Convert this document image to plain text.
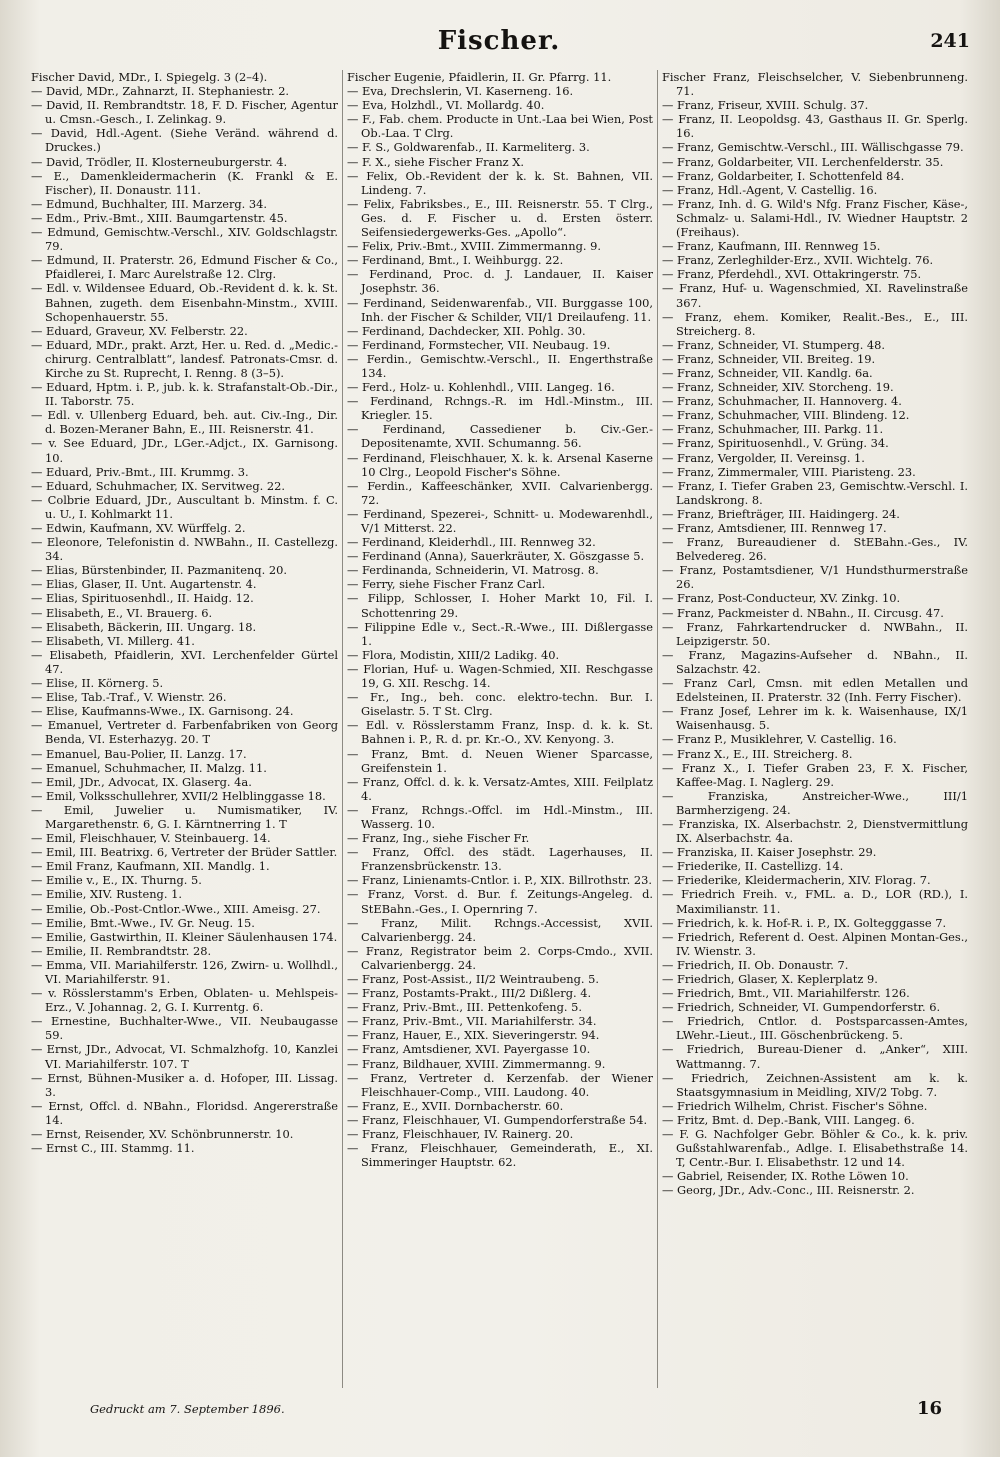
Fischer.	241

Fischer David, MDr., I. Spiegelg. 3 (2–4).

— David, MDr., Zahnarzt, II. Stephaniestr. 2.

— David, II. Rembrandtstr. 18, F. D. Fischer, Agentur u. Cmsn.-Gesch., I. Zelinkag. 9.

— David, Hdl.-Agent. (Siehe Veränd. während d. Druckes.)

— David, Trödler, II. Klosterneuburgerstr. 4.

— E., Damenkleidermacherin (K. Frankl & E. Fischer), II. Donaustr. 111.

— Edmund, Buchhalter, III. Marzerg. 34.

— Edm., Priv.-Bmt., XIII. Baumgartenstr. 45.

— Edmund, Gemischtw.-Verschl., XIV. Goldschlagstr. 79.

— Edmund, II. Praterstr. 26, Edmund Fischer & Co., Pfaidlerei, I. Marc Aurelstraße 12. Clrg.

— Edl. v. Wildensee Eduard, Ob.-Revident d. k. k. St. Bahnen, zugeth. dem Eisenbahn-Minstm., XVIII. Schopenhauerstr. 55.

— Eduard, Graveur, XV. Felberstr. 22.

— Eduard, MDr., prakt. Arzt, Her. u. Red. d. „Medic.-chirurg. Centralblatt“, landesf. Patronats-Cmsr. d. Kirche zu St. Ruprecht, I. Renng. 8 (3–5).

— Eduard, Hptm. i. P., jub. k. k. Strafanstalt-Ob.-Dir., II. Taborstr. 75.

— Edl. v. Ullenberg Eduard, beh. aut. Civ.-Ing., Dir. d. Bozen-Meraner Bahn, E., III. Reisnerstr. 41.

— v. See Eduard, JDr., LGer.-Adjct., IX. Garnisong. 10.

— Eduard, Priv.-Bmt., III. Krummg. 3.

— Eduard, Schuhmacher, IX. Servitweg. 22.

— Colbrie Eduard, JDr., Auscultant b. Minstm. f. C. u. U., I. Kohlmarkt 11.

— Edwin, Kaufmann, XV. Würffelg. 2.

— Eleonore, Telefonistin d. NWBahn., II. Castellezg. 34.

— Elias, Bürstenbinder, II. Pazmanitenq. 20.

— Elias, Glaser, II. Unt. Augartenstr. 4.

— Elias, Spirituosenhdl., II. Haidg. 12.

— Elisabeth, E., VI. Brauerg. 6.

— Elisabeth, Bäckerin, III. Ungarg. 18.

— Elisabeth, VI. Millerg. 41.

— Elisabeth, Pfaidlerin, XVI. Lerchenfelder Gürtel 47.

— Elise, II. Körnerg. 5.

— Elise, Tab.-Traf., V. Wienstr. 26.

— Elise, Kaufmanns-Wwe., IX. Garnisong. 24.

— Emanuel, Vertreter d. Farbenfabriken von Georg Benda, VI. Esterhazyg. 20. T

— Emanuel, Bau-Polier, II. Lanzg. 17.

— Emanuel, Schuhmacher, II. Malzg. 11.

— Emil, JDr., Advocat, IX. Glaserg. 4a.

— Emil, Volksschullehrer, XVII/2 Helblinggasse 18.

— Emil, Juwelier u. Numismatiker, IV. Margarethenstr. 6, G. I. Kärntnerring 1. T

— Emil, Fleischhauer, V. Steinbauerg. 14.

— Emil, III. Beatrixg. 6, Vertreter der Brüder Sattler.

— Emil Franz, Kaufmann, XII. Mandlg. 1.

— Emilie v., E., IX. Thurng. 5.

— Emilie, XIV. Rusteng. 1.

— Emilie, Ob.-Post-Cntlor.-Wwe., XIII. Ameisg. 27.

— Emilie, Bmt.-Wwe., IV. Gr. Neug. 15.

— Emilie, Gastwirthin, II. Kleiner Säulenhausen 174.

— Emilie, II. Rembrandtstr. 28.

— Emma, VII. Mariahilferstr. 126, Zwirn- u. Wollhdl., VI. Mariahilferstr. 91.

— v. Rösslerstamm's Erben, Oblaten- u. Mehlspeis-Erz., V. Johannag. 2, G. I. Kurrentg. 6.

— Ernestine, Buchhalter-Wwe., VII. Neubaugasse 59.

— Ernst, JDr., Advocat, VI. Schmalzhofg. 10, Kanzlei VI. Mariahilferstr. 107. T

— Ernst, Bühnen-Musiker a. d. Hofoper, III. Lissag. 3.

— Ernst, Offcl. d. NBahn., Floridsd. Angererstraße 14.

— Ernst, Reisender, XV. Schönbrunnerstr. 10.

— Ernst C., III. Stammg. 11.

Fischer Eugenie, Pfaidlerin, II. Gr. Pfarrg. 11.

— Eva, Drechslerin, VI. Kaserneng. 16.

— Eva, Holzhdl., VI. Mollardg. 40.

— F., Fab. chem. Producte in Unt.-Laa bei Wien, Post Ob.-Laa. T Clrg.

— F. S., Goldwarenfab., II. Karmeliterg. 3.

— F. X., siehe Fischer Franz X.

— Felix, Ob.-Revident der k. k. St. Bahnen, VII. Lindeng. 7.

— Felix, Fabriksbes., E., III. Reisnerstr. 55. T Clrg., Ges. d. F. Fischer u. d. Ersten österr. Seifensiedergewerks-Ges. „Apollo“.

— Felix, Priv.-Bmt., XVIII. Zimmermanng. 9.

— Ferdinand, Bmt., I. Weihburgg. 22.

— Ferdinand, Proc. d. J. Landauer, II. Kaiser Josephstr. 36.

— Ferdinand, Seidenwarenfab., VII. Burggasse 100, Inh. der Fischer & Schilder, VII/1 Dreilaufeng. 11.

— Ferdinand, Dachdecker, XII. Pohlg. 30.

— Ferdinand, Formstecher, VII. Neubaug. 19.

— Ferdin., Gemischtw.-Verschl., II. Engerthstraße 134.

— Ferd., Holz- u. Kohlenhdl., VIII. Langeg. 16.

— Ferdinand, Rchngs.-R. im Hdl.-Minstm., III. Kriegler. 15.

— Ferdinand, Cassediener b. Civ.-Ger.-Depositenamte, XVII. Schumanng. 56.

— Ferdinand, Fleischhauer, X. k. k. Arsenal Kaserne 10 Clrg., Leopold Fischer's Söhne.

— Ferdin., Kaffeeschänker, XVII. Calvarienbergg. 72.

— Ferdinand, Spezerei-, Schnitt- u. Modewarenhdl., V/1 Mitterst. 22.

— Ferdinand, Kleiderhdl., III. Rennweg 32.

— Ferdinand (Anna), Sauerkräuter, X. Göszgasse 5.

— Ferdinanda, Schneiderin, VI. Matrosg. 8.

— Ferry, siehe Fischer Franz Carl.

— Filipp, Schlosser, I. Hoher Markt 10, Fil. I. Schottenring 29.

— Filippine Edle v., Sect.-R.-Wwe., III. Dißlergasse 1.

— Flora, Modistin, XIII/2 Ladikg. 40.

— Florian, Huf- u. Wagen-Schmied, XII. Reschgasse 19, G. XII. Reschg. 14.

— Fr., Ing., beh. conc. elektro-techn. Bur. I. Giselastr. 5. T St. Clrg.

— Edl. v. Rösslerstamm Franz, Insp. d. k. k. St. Bahnen i. P., R. d. pr. Kr.-O., XV. Kenyong. 3.

— Franz, Bmt. d. Neuen Wiener Sparcasse, Greifenstein 1.

— Franz, Offcl. d. k. k. Versatz-Amtes, XIII. Feilplatz 4.

— Franz, Rchngs.-Offcl. im Hdl.-Minstm., III. Wasserg. 10.

— Franz, Ing., siehe Fischer Fr.

— Franz, Offcl. des städt. Lagerhauses, II. Franzensbrückenstr. 13.

— Franz, Linienamts-Cntlor. i. P., XIX. Billrothstr. 23.

— Franz, Vorst. d. Bur. f. Zeitungs-Angeleg. d. StEBahn.-Ges., I. Opernring 7.

— Franz, Milit. Rchngs.-Accessist, XVII. Calvarienbergg. 24.

— Franz, Registrator beim 2. Corps-Cmdo., XVII. Calvarienbergg. 24.

— Franz, Post-Assist., II/2 Weintraubeng. 5.

— Franz, Postamts-Prakt., III/2 Dißlerg. 4.

— Franz, Priv.-Bmt., III. Pettenkofeng. 5.

— Franz, Priv.-Bmt., VII. Mariahilferstr. 34.

— Franz, Hauer, E., XIX. Sieveringerstr. 94.

— Franz, Amtsdiener, XVI. Payergasse 10.

— Franz, Bildhauer, XVIII. Zimmermanng. 9.

— Franz, Vertreter d. Kerzenfab. der Wiener Fleischhauer-Comp., VIII. Laudong. 40.

— Franz, E., XVII. Dornbacherstr. 60.

— Franz, Fleischhauer, VI. Gumpendorferstraße 54.

— Franz, Fleischhauer, IV. Rainerg. 20.

— Franz, Fleischhauer, Gemeinderath, E., XI. Simmeringer Hauptstr. 62.

Fischer Franz, Fleischselcher, V. Siebenbrunneng. 71.

— Franz, Friseur, XVIII. Schulg. 37.

— Franz, II. Leopoldsg. 43, Gasthaus II. Gr. Sperlg. 16.

— Franz, Gemischtw.-Verschl., III. Wällischgasse 79.

— Franz, Goldarbeiter, VII. Lerchenfelderstr. 35.

— Franz, Goldarbeiter, I. Schottenfeld 84.

— Franz, Hdl.-Agent, V. Castellig. 16.

— Franz, Inh. d. G. Wild's Nfg. Franz Fischer, Käse-, Schmalz- u. Salami-Hdl., IV. Wiedner Hauptstr. 2 (Freihaus).

— Franz, Kaufmann, III. Rennweg 15.

— Franz, Zerleghilder-Erz., XVII. Wichtelg. 76.

— Franz, Pferdehdl., XVI. Ottakringerstr. 75.

— Franz, Huf- u. Wagenschmied, XI. Ravelinstraße 367.

— Franz, ehem. Komiker, Realit.-Bes., E., III. Streicherg. 8.

— Franz, Schneider, VI. Stumperg. 48.

— Franz, Schneider, VII. Breiteg. 19.

— Franz, Schneider, VII. Kandlg. 6a.

— Franz, Schneider, XIV. Storcheng. 19.

— Franz, Schuhmacher, II. Hannoverg. 4.

— Franz, Schuhmacher, VIII. Blindeng. 12.

— Franz, Schuhmacher, III. Parkg. 11.

— Franz, Spirituosenhdl., V. Grüng. 34.

— Franz, Vergolder, II. Vereinsg. 1.

— Franz, Zimmermaler, VIII. Piaristeng. 23.

— Franz, I. Tiefer Graben 23, Gemischtw.-Verschl. I. Landskrong. 8.

— Franz, Briefträger, III. Haidingerg. 24.

— Franz, Amtsdiener, III. Rennweg 17.

— Franz, Bureaudiener d. StEBahn.-Ges., IV. Belvedereg. 26.

— Franz, Postamtsdiener, V/1 Hundsthurmerstraße 26.

— Franz, Post-Conducteur, XV. Zinkg. 10.

— Franz, Packmeister d. NBahn., II. Circusg. 47.

— Franz, Fahrkartendrucker d. NWBahn., II. Leipzigerstr. 50.

— Franz, Magazins-Aufseher d. NBahn., II. Salzachstr. 42.

— Franz Carl, Cmsn. mit edlen Metallen und Edelsteinen, II. Praterstr. 32 (Inh. Ferry Fischer).

— Franz Josef, Lehrer im k. k. Waisenhause, IX/1 Waisenhausg. 5.

— Franz P., Musiklehrer, V. Castellig. 16.

— Franz X., E., III. Streicherg. 8.

— Franz X., I. Tiefer Graben 23, F. X. Fischer, Kaffee-Mag. I. Naglerg. 29.

— Franziska, Anstreicher-Wwe., III/1 Barmherzigeng. 24.

— Franziska, IX. Alserbachstr. 2, Dienstvermittlung IX. Alserbachstr. 4a.

— Franziska, II. Kaiser Josephstr. 29.

— Friederike, II. Castellizg. 14.

— Friederike, Kleidermacherin, XIV. Florag. 7.

— Friedrich Freih. v., FML. a. D., LOR (RD.), I. Maximilianstr. 11.

— Friedrich, k. k. Hof-R. i. P., IX. Goltegggasse 7.

— Friedrich, Referent d. Oest. Alpinen Montan-Ges., IV. Wienstr. 3.

— Friedrich, II. Ob. Donaustr. 7.

— Friedrich, Glaser, X. Keplerplatz 9.

— Friedrich, Bmt., VII. Mariahilferstr. 126.

— Friedrich, Schneider, VI. Gumpendorferstr. 6.

— Friedrich, Cntlor. d. Postsparcassen-Amtes, LWehr.-Lieut., III. Göschenbrückeng. 5.

— Friedrich, Bureau-Diener d. „Anker“, XIII. Wattmanng. 7.

— Friedrich, Zeichnen-Assistent am k. k. Staatsgymnasium in Meidling, XIV/2 Tobg. 7.

— Friedrich Wilhelm, Christ. Fischer's Söhne.

— Fritz, Bmt. d. Dep.-Bank, VIII. Langeg. 6.

— F. G. Nachfolger Gebr. Böhler & Co., k. k. priv. Gußstahlwarenfab., Adlge. I. Elisabethstraße 14. T, Centr.-Bur. I. Elisabethstr. 12 und 14.

— Gabriel, Reisender, IX. Rothe Löwen 10.

— Georg, JDr., Adv.-Conc., III. Reisnerstr. 2.

Gedruckt am 7. September 1896.	16
